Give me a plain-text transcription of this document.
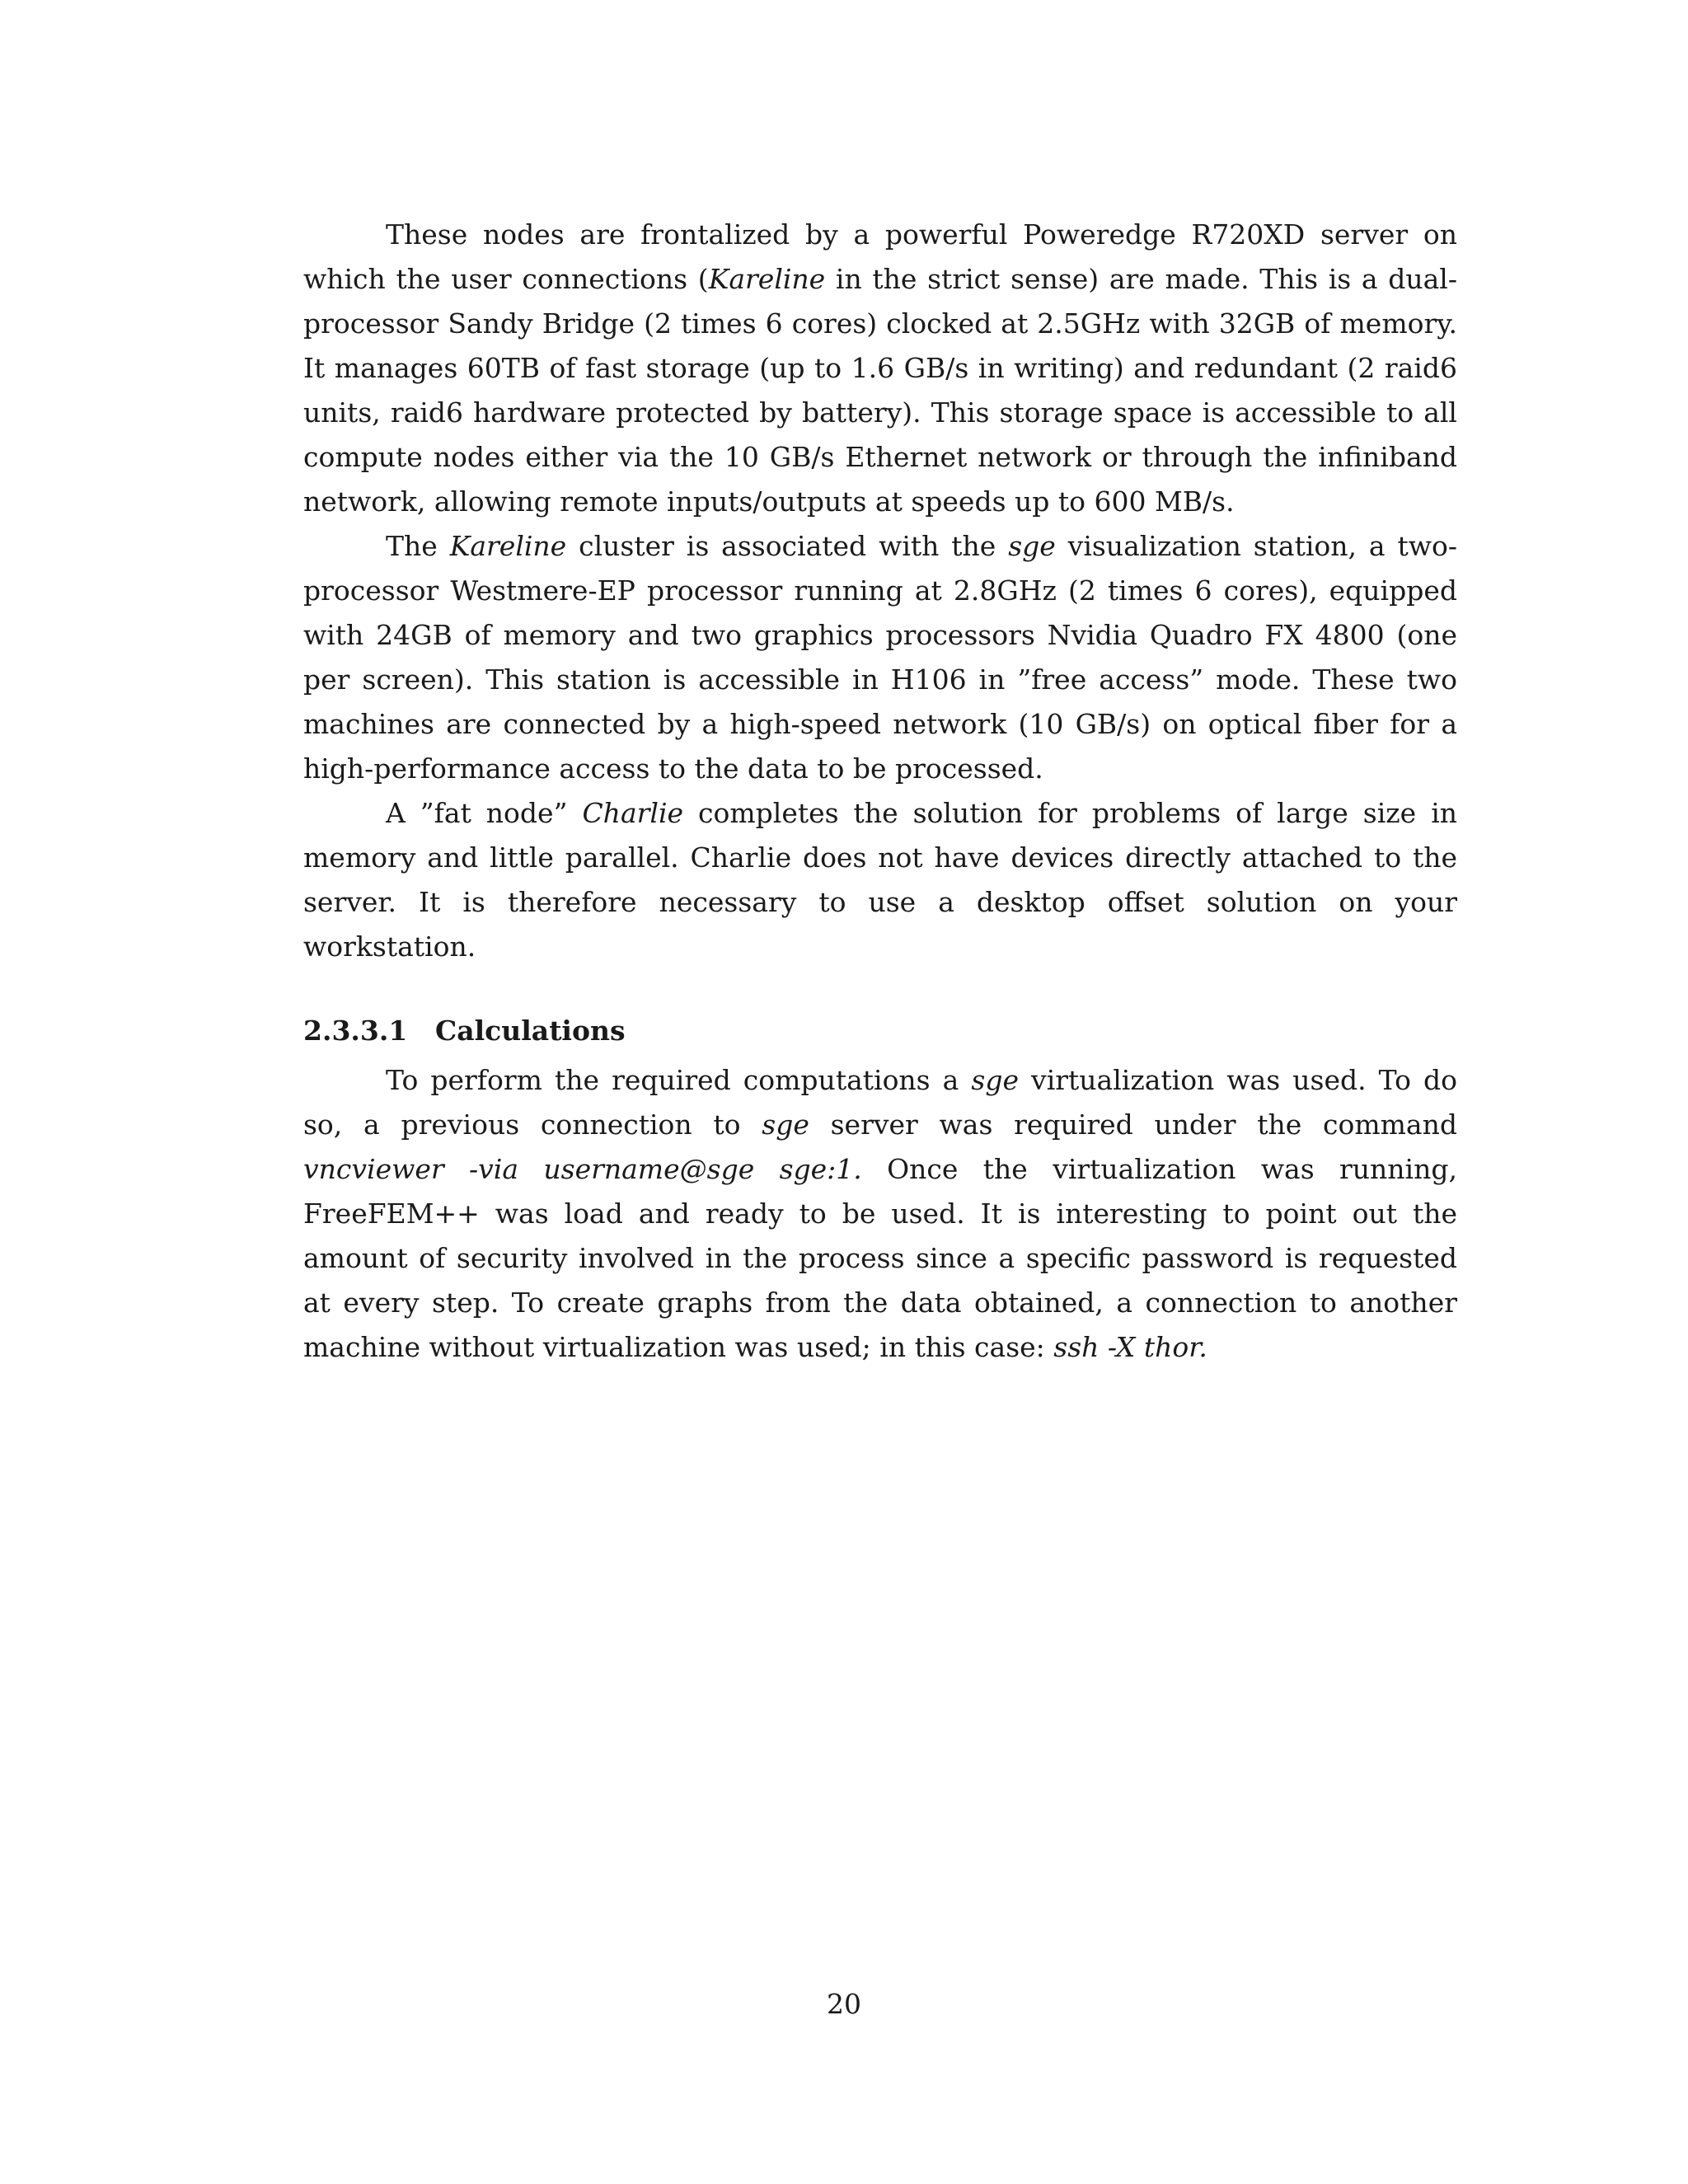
These nodes are frontalized by a powerful Poweredge R720XD server on which the user connections (Kareline in the strict sense) are made. This is a dual-processor Sandy Bridge (2 times 6 cores) clocked at 2.5GHz with 32GB of memory. It manages 60TB of fast storage (up to 1.6 GB/s in writing) and redundant (2 raid6 units, raid6 hardware protected by battery). This storage space is accessible to all compute nodes either via the 10 GB/s Ethernet network or through the infiniband network, allowing remote inputs/outputs at speeds up to 600 MB/s.

The Kareline cluster is associated with the sge visualization station, a two-processor Westmere-EP processor running at 2.8GHz (2 times 6 cores), equipped with 24GB of memory and two graphics processors Nvidia Quadro FX 4800 (one per screen). This station is accessible in H106 in ”free access” mode. These two machines are connected by a high-speed network (10 GB/s) on optical fiber for a high-performance access to the data to be processed.

A ”fat node” Charlie completes the solution for problems of large size in memory and little parallel. Charlie does not have devices directly attached to the server. It is therefore necessary to use a desktop offset solution on your workstation.

2.3.3.1 Calculations

To perform the required computations a sge virtualization was used. To do so, a previous connection to sge server was required under the command vncviewer -via username@sge sge:1. Once the virtualization was running, FreeFEM++ was load and ready to be used. It is interesting to point out the amount of security involved in the process since a specific password is requested at every step. To create graphs from the data obtained, a connection to another machine without virtualization was used; in this case: ssh -X thor.

20
